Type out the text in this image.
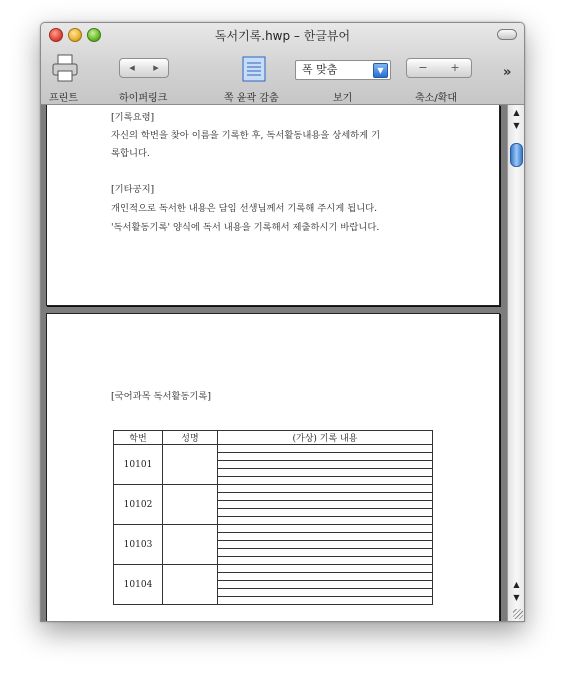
독서기록.hwp – 한글뷰어
◂	▸	폭 맞춤	▼	−	+	»
프린트	하이퍼링크	쪽 윤곽 감춤	보기	축소/확대
[기록요령]
자신의 학번을 찾아 이름을 기록한 후, 독서활동내용을 상세하게 기
록합니다.
[기타공지]
개인적으로 독서한 내용은 담임 선생님께서 기록해 주시게 됩니다.
'독서활동기록' 양식에 독서 내용을 기록해서 제출하시기 바랍니다.
[국어과목 독서활동기록]
학번	성명	(가상) 기록 내용
10101		

10102		

10103		

10104		
▲
▼
▲
▼
